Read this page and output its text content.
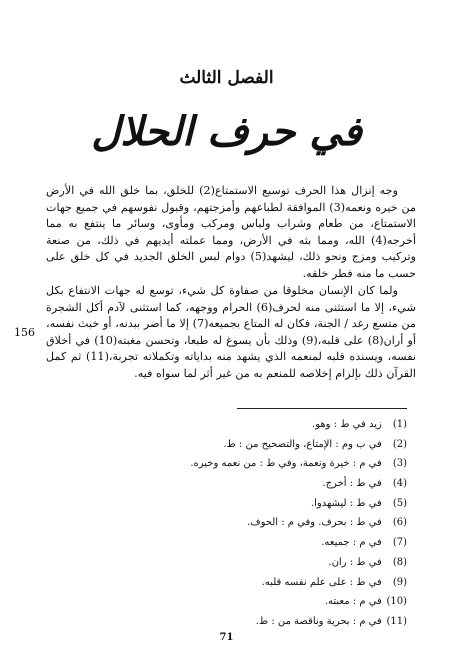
الفصل الثالث
في حرف الحلال

وجه إنزال هذا الحرف توسيع الاستمتاع(2) للخلق، بما خلق الله في الأرض من خيره ونعمه(3) الموافقة لطباعهم وأمزجتهم، وقبول نفوسهم في جميع جهات الاستمتاع، من طعام وشراب ولباس ومركب ومأوى، وسائر ما ينتفع به مما أخرجه(4) الله، ومما بثه في الأرض، ومما عملته أيديهم في ذلك، من صنعة وتركيب ومزج ونحو ذلك، ليشهد(5) دوام لبس الخلق الجديد في كل خلق على حسب ما منه فطر خلقه.

ولما كان الإنسان مخلوقا من صفاوة كل شيء، توسع له جهات الانتفاع بكل شيء، إلا ما استثنى منه لحرف(6) الحرام ووجهه، كما استثنى لآدم أكل الشجرة من متسع رغد / الجنة، فكان له المتاع بجميعه(7) إلا ما أضر ببدنه، أو خبث نفسه، أو أران(8) على قلبه،(9) وذلك بأن يسوغ له طبعا، وتحسن مغبته(10) في أخلاق نفسه، ويسنده قلبه لمنعمه الذي يشهد منه بداياته وتكملاته تجربة،(11) ثم كمل القرآن ذلك بإلزام إخلاصه للمنعم به من غير أثر لما سواه فيه.

156
(1) زيد في ط : وهو.
(2) في ب وم : الإمتاع، والتصحيح من : ط.
(3) في م : خيرة ونعمة، وفي ط : من نعمه وخيره.
(4) في ط : أخرج.
(5) في ط : ليشهدوا.
(6) في ط : بحرف. وفي م : الحوف.
(7) في م : جميعه.
(8) في ط : ران.
(9) في ط : على علم نفسه قلبه.
(10) في م : معبته.
(11) في م : بحرية وناقصة من : ط.
71
